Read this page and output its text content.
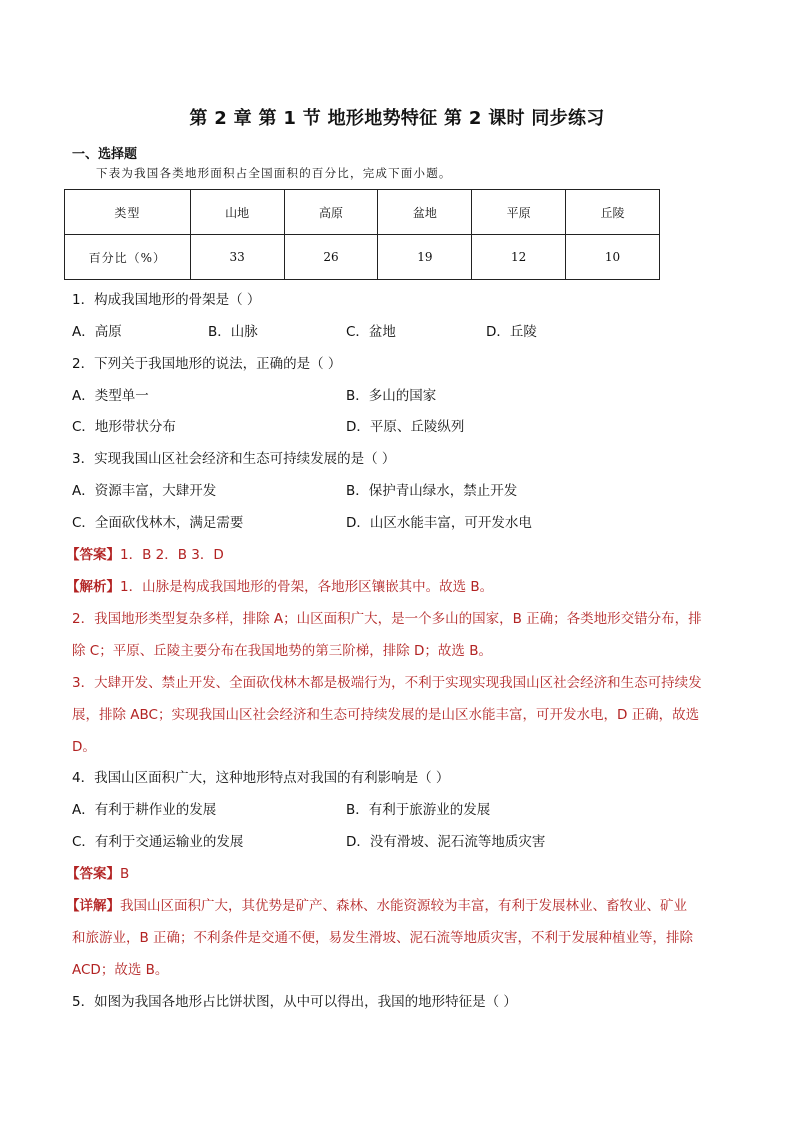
第 2 章 第 1 节 地形地势特征 第 2 课时 同步练习
一、选择题
下表为我国各类地形面积占全国面积的百分比，完成下面小题。
类型	山地	高原	盆地	平原	丘陵
百分比（%）	33	26	19	12	10
1．构成我国地形的骨架是（ ）
A．高原	B．山脉	C．盆地	D．丘陵
2．下列关于我国地形的说法，正确的是（ ）
A．类型单一	B．多山的国家
C．地形带状分布	D．平原、丘陵纵列
3．实现我国山区社会经济和生态可持续发展的是（ ）
A．资源丰富，大肆开发	B．保护青山绿水，禁止开发
C．全面砍伐林木，满足需要	D．山区水能丰富，可开发水电
【答案】1．B 2．B 3．D
【解析】1．山脉是构成我国地形的骨架，各地形区镶嵌其中。故选 B。
2．我国地形类型复杂多样，排除 A；山区面积广大，是一个多山的国家，B 正确；各类地形交错分布，排
除 C；平原、丘陵主要分布在我国地势的第三阶梯，排除 D；故选 B。
3．大肆开发、禁止开发、全面砍伐林木都是极端行为，不利于实现实现我国山区社会经济和生态可持续发
展，排除 ABC；实现我国山区社会经济和生态可持续发展的是山区水能丰富，可开发水电，D 正确，故选
D。
4．我国山区面积广大，这种地形特点对我国的有利影响是（ ）
A．有利于耕作业的发展	B．有利于旅游业的发展
C．有利于交通运输业的发展	D．没有滑坡、泥石流等地质灾害
【答案】B
【详解】我国山区面积广大，其优势是矿产、森林、水能资源较为丰富，有利于发展林业、畜牧业、矿业
和旅游业，B 正确；不利条件是交通不便，易发生滑坡、泥石流等地质灾害，不利于发展种植业等，排除
ACD；故选 B。
5．如图为我国各地形占比饼状图，从中可以得出，我国的地形特征是（ ）
